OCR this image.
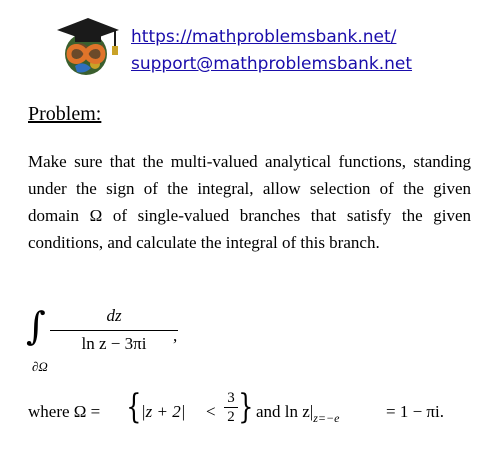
https://mathproblemsbank.net/
support@mathproblemsbank.net
Problem:
Make sure that the multi-valued analytical functions, standing under the sign of the integral, allow selection of the given domain Ω of single-valued branches that satisfy the given conditions, and calculate the integral of this branch.
∫
∂Ω
dz
ln z − 3πi	,
where Ω = { |z + 2| <
3
2 } and $\ln z|_{z=-e}$	= 1 − πi.
